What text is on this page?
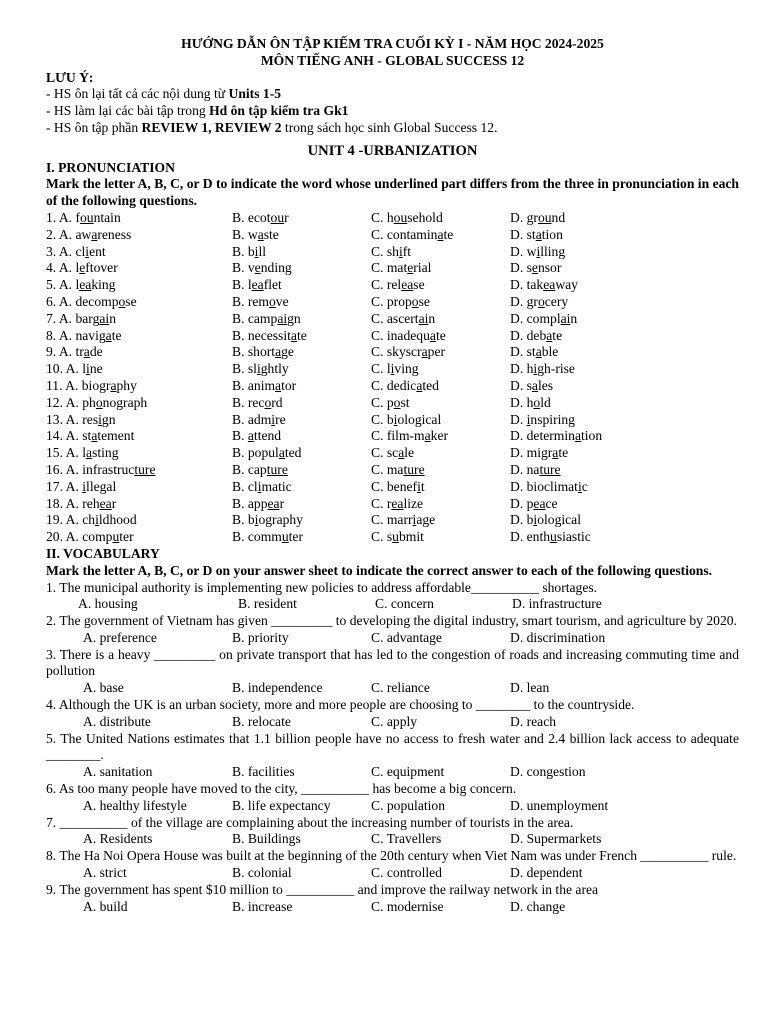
HƯỚNG DẪN ÔN TẬP KIẾM TRA CUỐI KỲ I - NĂM HỌC 2024-2025
MÔN TIẾNG ANH - GLOBAL SUCCESS 12
LƯU Ý:
- HS ôn lại tất cả các nội dung từ Units 1-5
- HS làm lại các bài tập trong Hd ôn tập kiểm tra Gk1
- HS ôn tập phần REVIEW 1, REVIEW 2 trong sách học sinh Global Success 12.
UNIT 4 -URBANIZATION
I. PRONUNCIATION
Mark the letter A, B, C, or D to indicate the word whose underlined part differs from the three in pronunciation in each of the following questions.
1. A. fountain	B. ecotour	C. household	D. ground
2. A. awareness	B. waste	C. contaminate	D. station
3. A. client	B. bill	C. shift	D. willing
4. A. leftover	B. vending	C. material	D. sensor
5. A. leaking	B. leaflet	C. release	D. takeaway
6. A. decompose	B. remove	C. propose	D. grocery
7. A. bargain	B. campaign	C. ascertain	D. complain
8. A. navigate	B. necessitate	C. inadequate	D. debate
9. A. trade	B. shortage	C. skyscraper	D. stable
10. A. line	B. slightly	C. living	D. high-rise
11. A. biography	B. animator	C. dedicated	D. sales
12. A. phonograph	B. record	C. post	D. hold
13. A. resign	B. admire	C. biological	D. inspiring
14. A. statement	B. attend	C. film-maker	D. determination
15. A. lasting	B. populated	C. scale	D. migrate
16. A. infrastructure	B. capture	C. mature	D. nature
17. A. illegal	B. climatic	C. benefit	D. bioclimatic
18. A. rehear	B. appear	C. realize	D. peace
19. A. childhood	B. biography	C. marriage	D. biological
20. A. computer	B. commuter	C. submit	D. enthusiastic
II. VOCABULARY
Mark the letter A, B, C, or D on your answer sheet to indicate the correct answer to each of the following questions.
1. The municipal authority is implementing new policies to address affordable__________ shortages.
A. housing	B. resident	C. concern	D. infrastructure
2. The government of Vietnam has given _________ to developing the digital industry, smart tourism, and agriculture by 2020.
A. preference	B. priority	C. advantage	D. discrimination
3. There is a heavy _________ on private transport that has led to the congestion of roads and increasing commuting time and pollution
A. base	B. independence	C. reliance	D. lean
4. Although the UK is an urban society, more and more people are choosing to ________ to the countryside.
A. distribute	B. relocate	C. apply	D. reach
5. The United Nations estimates that 1.1 billion people have no access to fresh water and 2.4 billion lack access to adequate ________.
A. sanitation	B. facilities	C. equipment	D. congestion
6. As too many people have moved to the city, __________ has become a big concern.
A. healthy lifestyle	B. life expectancy	C. population	D. unemployment
7. __________ of the village are complaining about the increasing number of tourists in the area.
A. Residents	B. Buildings	C. Travellers	D. Supermarkets
8. The Ha Noi Opera House was built at the beginning of the 20th century when Viet Nam was under French __________ rule.
A. strict	B. colonial	C. controlled	D. dependent
9. The government has spent $10 million to __________ and improve the railway network in the area
A. build	B. increase	C. modernise	D. change
